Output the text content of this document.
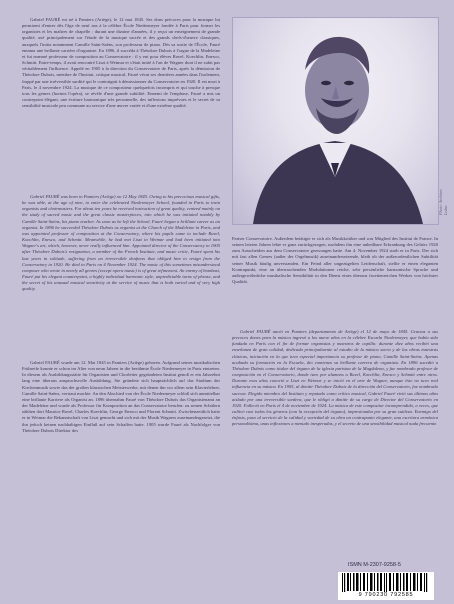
Gabriel FAURÉ est né à Pamiers (Ariège), le 12 mai 1845. Ses dons précoces pour la musique lui permirent d'entrer dès l'âge de neuf ans à la célèbre École Niedermeyer fondée à Paris pour former les organistes et les maîtres de chapelle : durant une dizaine d'années, il y reçut un enseignement de grande qualité, axé principalement sur l'étude de la musique sacrée et des grands chefs-d'œuvre classiques, auxquels l'initia notamment Camille Saint-Saëns, son professeur de piano. Dès sa sortie de l'École, Fauré entama une brillante carrière d'organiste. En 1896, il succéda à Théodore Dubois à l'orgue de la Madeleine et fut nommé professeur de composition au Conservatoire : il y eut pour élèves Ravel, Koechlin, Enesco, Schmitt. Entre-temps, il avait rencontré Liszt à Weimar et s'était initié à l'art de Wagner dont il ne subit pas véritablement l'influence. Appelé en 1905 à la direction du Conservatoire de Paris, après la démission de Théodore Dubois, membre de l'Institut, critique musical, Fauré vécut ses dernières années dans l'isolement, frappé par une irréversible surdité qui le contraignit à démissionner du Conservatoire en 1920. Il est mort à Paris, le 4 novembre 1924. La musique de ce compositeur quelquefois incompris et qui touche à presque tous les genres (hormis l'opéra), se révèle d'une grande subtilité. Ennemi de l'emphase, Fauré a mis un contrepoint élégant, une écriture harmonique très personnelle, des inflexions imprévues et le secret de sa sensibilité musicale peu commune au service d'une œuvre variée et d'une extrême qualité.

Gabriel FAURÉ was born in Pamiers (Ariège) on 12 May 1845. Owing to his precocious musical gifts, he was able, at the age of nine, to enter the celebrated Niedermeyer School, founded in Paris to train organists and choirmasters. For about ten years he received instruction of great quality, centred mainly on the study of sacred music and the great classic masterpieces, into which he was initiated notably by Camille Saint-Saëns, his piano teacher. As soon as he left the School, Fauré began a brilliant career as an organist. In 1896 he succeeded Théodore Dubois as organist at the Church of the Madeleine in Paris, and was appointed professor of composition at the Conservatory, where his pupils came to include Ravel, Koechlin, Enesco, and Schmitt. Meanwhile, he had met Liszt in Weimar and had been initiated into Wagner's art, which, however, never really influenced him. Appointed director of the Conservatory in 1905 after Théodore Dubois's resignation, a member of the French Institute, and music critic, Fauré spent his last years in solitude, suffering from an irreversible deafness that obliged him to resign from the Conservatory in 1920. He died in Paris on 4 November 1924. The music of this sometimes misunderstood composer who wrote in nearly all genres (except opera music) is of great refinement. An enemy of bombast, Fauré put his elegant counterpoint, a highly individual harmonic style, unpredictable turns of phrase, and the secret of his unusual musical sensitivity at the service of music that is both varied and of very high quality.

Gabriel FAURÉ wurde am 12. Mai 1845 in Pamiers (Ariège) geboren. Aufgrund seines musikalischen Frühreife konnte er schon im Alter von neun Jahren in die berühmte École Niedermeyer in Paris eintreten. In diesem als Ausbildungsstätte für Organisten und Chorleiter gegründeten Institut genoß er ein Jahrzehnt lang eine überaus anspruchsvolle Ausbildung. Sie gründete sich hauptsächlich auf das Studium der Kirchenmusik sowie das der großen klassischen Meisterwerke, mit denen ihn vor allem sein Klavierlehrer, Camille Saint-Saëns, vertraut machte. An den Abschied von der École Niedermeyer schloß sich unmittelbar eine brillante Karriere als Organist an. 1896 übernahm Fauré von Théodore Dubois das Organistenamt an der Madeleine und wurde als Professor für Komposition an das Conservatoire berufen: zu seinen Schülern zählten dort Maurice Ravel, Charles Koechlin, George Enesco und Florent Schmitt. Zwischenzeitlich hatte er in Weimar die Bekanntschaft von Liszt gemacht und sich mit der Musik Wagners auseinandergesetzt, die ihn jedoch keinen nachhaltigen Einfluß auf sein Schaffen hatte. 1905 wurde Fauré als Nachfolger von Théodore Dubois Direktor des

Photo: Archives Leduc

Pariser Conservatoire. Außerdem betätigte er sich als Musikkritiker und war Mitglied des Institut de France. In seinen letzten Jahren lebte er ganz zurückgezogen, nachdem ihn eine unheilbare Erkrankung des Gehörs 1920 zum Ausscheiden aus dem Conservatoire gezwungen hatte. Am 4. November 1924 starb er in Paris. Der sich mit fast allen Genres (außer der Orgelmusik) auseinandersetzende, bleib ob der außerordentlichen Subtilität seiner Musik häufig unverstanden. Ein Feind aller ungezügelten Leidenschaft, stellte er einen eleganten Kontrapunkt, eine an überraschenden Modulationen reiche, sehr persönliche harmonische Sprache und außergewöhnliche musikalische Sensibilität in den Dienst eines überaus facettenreichen Werkes von höchster Qualität.

Gabriel FAURÉ nació en Pamiers (departamento de Ariège) el 12 de mayo de 1845. Gracias a sus precoces dones para la música ingresó a los nueve años en la célebre Escuela Niedermeyer, que había sido fundada en París con el fin de formar organistas y maestros de capilla: durante diez años recibió una enseñanza de gran calidad, dedicada principalmente al estudio de la música sacra y de las obras maestras clásicas, iniciación en la que tuvo especial importancia su profesor de piano, Camille Saint-Saëns. Apenas acabada su formación en la Escuela, dio comienzo su brillante carrera de organista. En 1896 sucedió a Théodore Dubois como titular del órgano de la iglesia parisina de la Magdalena, y fue nombrado profesor de composición en el Conservatorio, donde tuvo por alumnos a Ravel, Koechlin, Enesco y Schmitt entre otros. Durante esos años conoció a Liszt en Weimar y se inició en el arte de Wagner, aunque éste no tuvo real influencia en su música. En 1905, al dimitir Théodore Dubois de la dirección del Conservatorio, fue nombrado sucesor. Elegido miembro del Instituto y reputado como crítico musical, Gabriel Fauré vivió sus últimos años aislado por una irreversible sordera, que le obligó a dimitir de su cargo de Director del Conservatorio en 1920. Falleció en París el 4 de noviembre de 1924. La música de este compositor incomprendido, a veces, que cultivó casi todos los géneros (con la excepción del órgano), impresionaba por su gran sutileza. Enemigo del énfasis, puso al servicio de la calidad y variedad de su obra un contrapunto elegante, una escritura armónica personalísima, unas inflexiones a menudo inesperadas, y el secreto de una sensibilidad musical nada frecuente.

ISMN M-2307-9258-5
9 790230 792585
